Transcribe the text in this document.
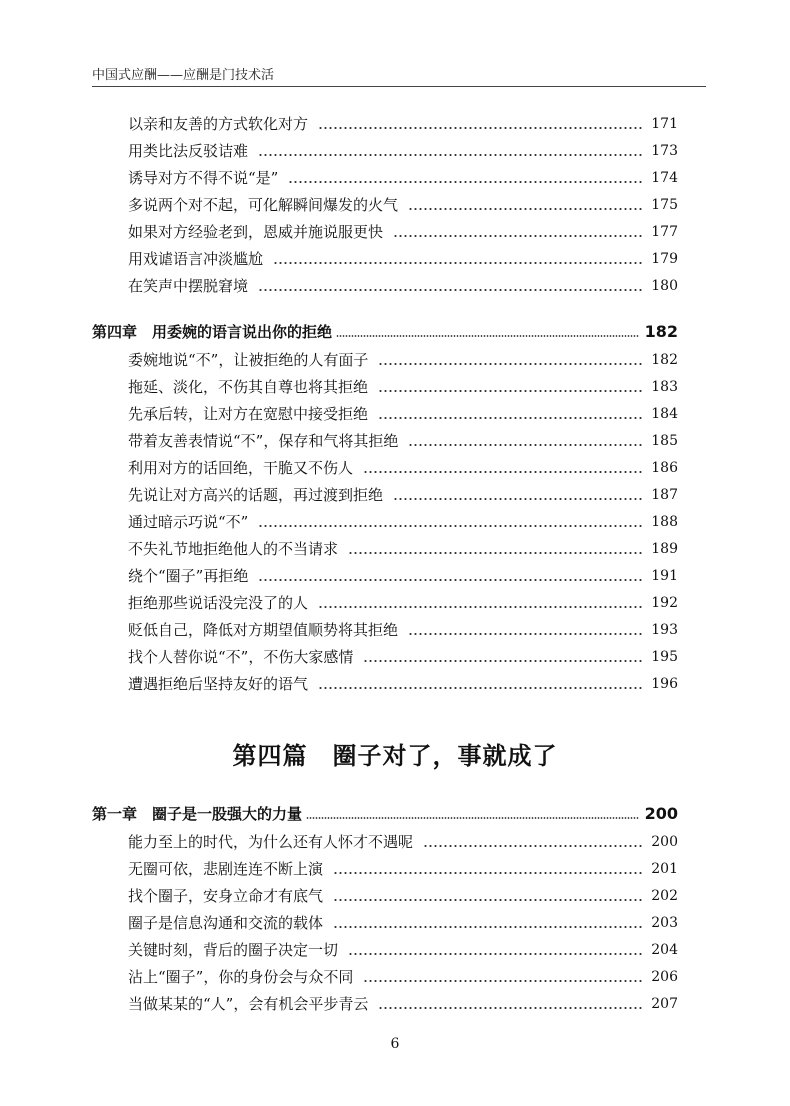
中国式应酬——应酬是门技术活
以亲和友善的方式软化对方	171
用类比法反驳诘难	173
诱导对方不得不说“是”	174
多说两个对不起，可化解瞬间爆发的火气	175
如果对方经验老到，恩威并施说服更快	177
用戏谑语言冲淡尴尬	179
在笑声中摆脱窘境	180
第四章　用委婉的语言说出你的拒绝	182
委婉地说“不”，让被拒绝的人有面子	182
拖延、淡化，不伤其自尊也将其拒绝	183
先承后转，让对方在宽慰中接受拒绝	184
带着友善表情说“不”，保存和气将其拒绝	185
利用对方的话回绝，干脆又不伤人	186
先说让对方高兴的话题，再过渡到拒绝	187
通过暗示巧说“不”	188
不失礼节地拒绝他人的不当请求	189
绕个“圈子”再拒绝	191
拒绝那些说话没完没了的人	192
贬低自己，降低对方期望值顺势将其拒绝	193
找个人替你说“不”，不伤大家感情	195
遭遇拒绝后坚持友好的语气	196
第四篇　圈子对了，事就成了
第一章　圈子是一股强大的力量	200
能力至上的时代，为什么还有人怀才不遇呢	200
无圈可依，悲剧连连不断上演	201
找个圈子，安身立命才有底气	202
圈子是信息沟通和交流的载体	203
关键时刻，背后的圈子决定一切	204
沾上“圈子”，你的身份会与众不同	206
当做某某的“人”，会有机会平步青云	207
6
